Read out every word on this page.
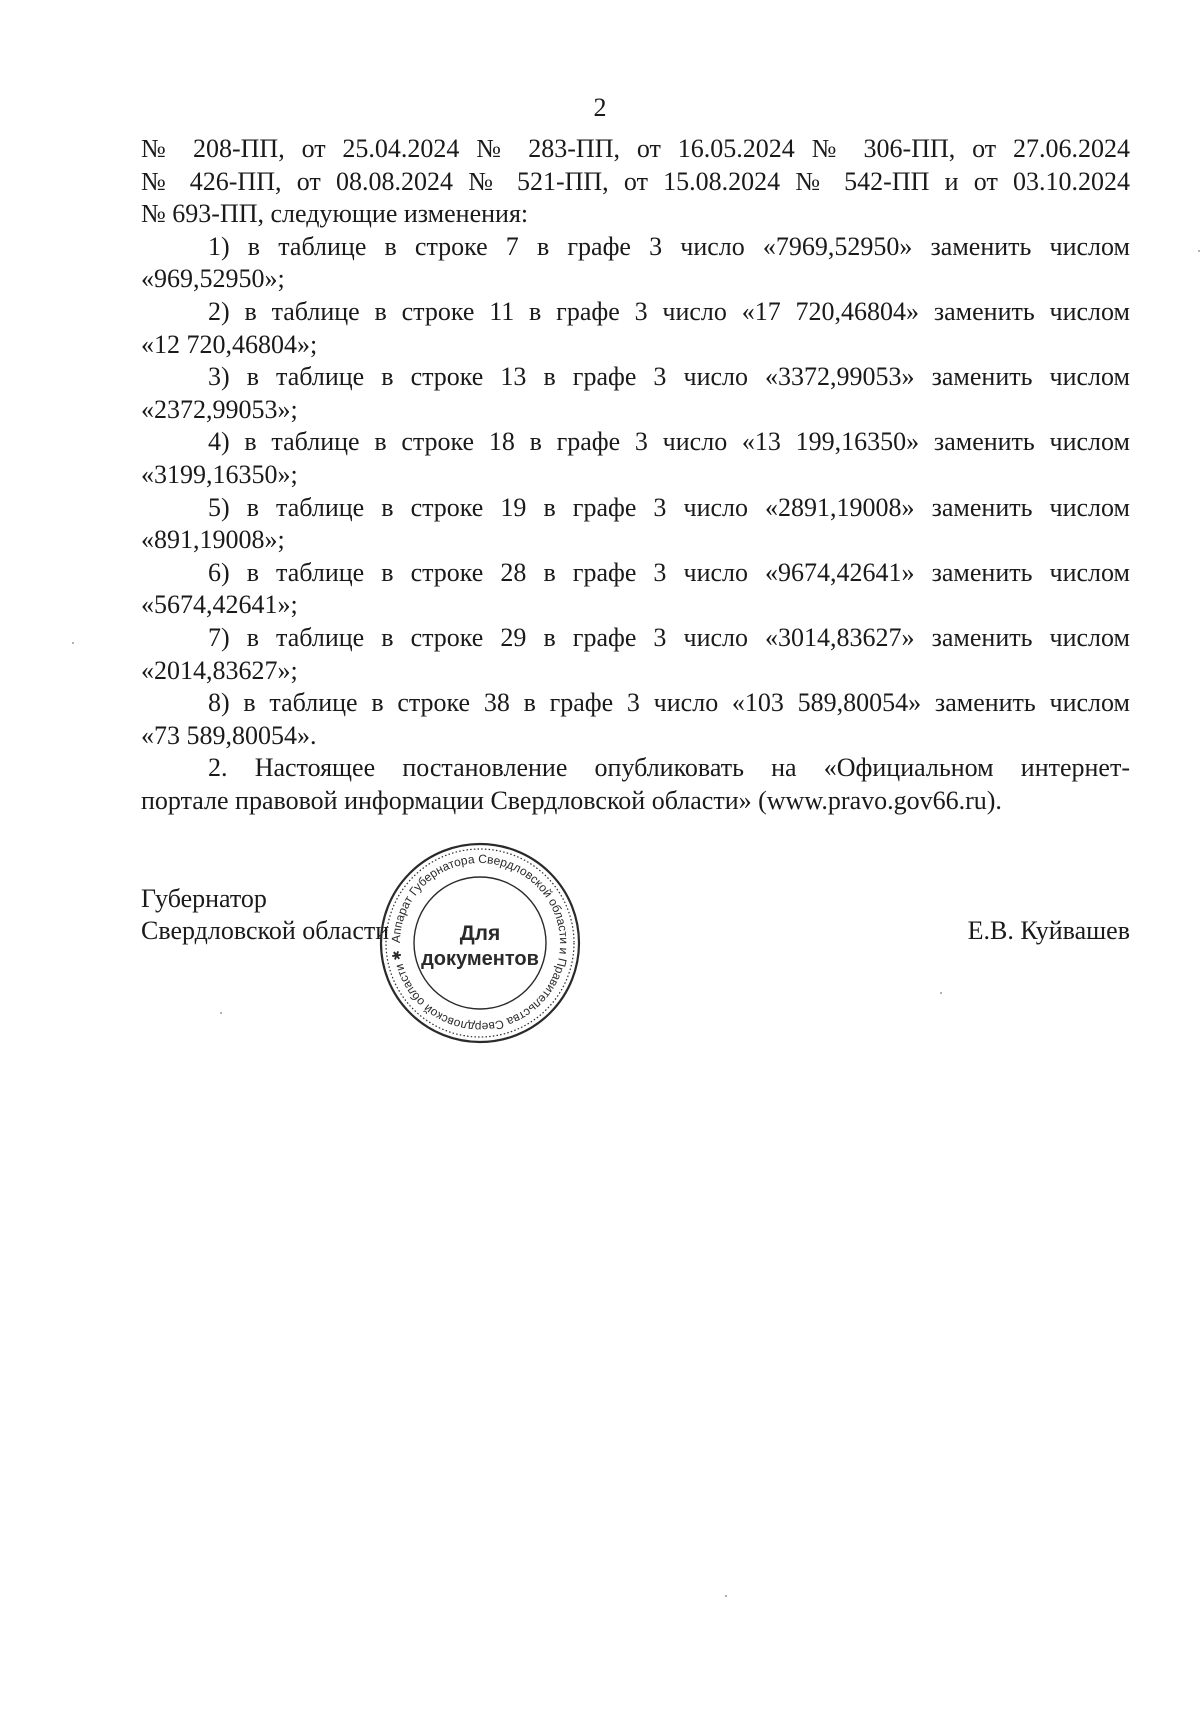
2

№ 208-ПП, от 25.04.2024 № 283-ПП, от 16.05.2024 № 306-ПП, от 27.06.2024

№ 426-ПП, от 08.08.2024 № 521-ПП, от 15.08.2024 № 542-ПП и от 03.10.2024

№ 693-ПП, следующие изменения:

1) в таблице в строке 7 в графе 3 число «7969,52950» заменить числом

«969,52950»;

2) в таблице в строке 11 в графе 3 число «17 720,46804» заменить числом

«12 720,46804»;

3) в таблице в строке 13 в графе 3 число «3372,99053» заменить числом

«2372,99053»;

4) в таблице в строке 18 в графе 3 число «13 199,16350» заменить числом

«3199,16350»;

5) в таблице в строке 19 в графе 3 число «2891,19008» заменить числом

«891,19008»;

6) в таблице в строке 28 в графе 3 число «9674,42641» заменить числом

«5674,42641»;

7) в таблице в строке 29 в графе 3 число «3014,83627» заменить числом

«2014,83627»;

8) в таблице в строке 38 в графе 3 число «103 589,80054» заменить числом

«73 589,80054».

2. Настоящее постановление опубликовать на «Официальном интернет-

портале правовой информации Свердловской области» (www.pravo.gov66.ru).

Губернатор
Свердловской области	Е.В. Куйвашев
Аппарат Губернатора Свердловской области и Правительства Свердловской области ✱
Для
документов
